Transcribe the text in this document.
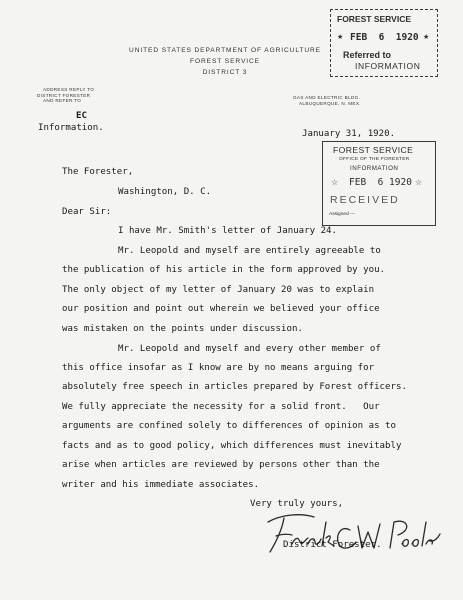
UNITED STATES DEPARTMENT OF AGRICULTURE
FOREST SERVICE
DISTRICT 3
ADDRESS REPLY TO
DISTRICT FORESTER
AND REFER TO
GAS AND ELECTRIC BLDG.
ALBUQUERQUE, N. MEX.
EC
Information.
January 31, 1920.
FOREST SERVICE
★ FEB  6  1920 ★
Referred to
INFORMATION
FOREST SERVICE
OFFICE OF THE FORESTER
INFORMATION
☆ FEB  6 1920 ☆
RECEIVED
Assigned ---
The Forester,
Washington, D. C.
Dear Sir:
I have Mr. Smith's letter of January 24.
Mr. Leopold and myself are entirely agreeable to
the publication of his article in the form approved by you.
The only object of my letter of January 20 was to explain
our position and point out wherein we believed your office
was mistaken on the points under discussion.
Mr. Leopold and myself and every other member of
this office insofar as I know are by no means arguing for
absolutely free speech in articles prepared by Forest officers.
We fully appreciate the necessity for a solid front.   Our
arguments are confined solely to differences of opinion as to
facts and as to good policy, which differences must inevitably
arise when articles are reviewed by persons other than the
writer and his immediate associates.
Very truly yours,
District Forester.
